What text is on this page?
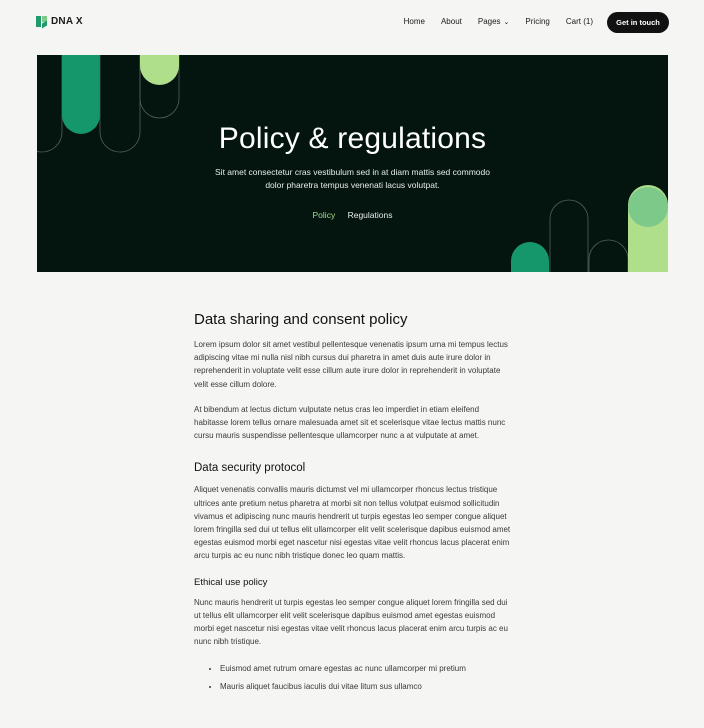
DNA X	Home About Pages ⌄ Pricing Cart (1)	Get in touch
Policy & regulations
Sit amet consectetur cras vestibulum sed in at diam mattis sed commodo dolor pharetra tempus venenati lacus volutpat.
Policy Regulations
Data sharing and consent policy

Lorem ipsum dolor sit amet vestibul pellentesque venenatis ipsum urna mi tempus lectus adipiscing vitae mi nulla nisl nibh cursus dui pharetra in amet duis aute irure dolor in reprehenderit in voluptate velit esse cillum aute irure dolor in reprehenderit in voluptate velit esse cillum dolore.

At bibendum at lectus dictum vulputate netus cras leo imperdiet in etiam eleifend habitasse lorem tellus ornare malesuada amet sit et scelerisque vitae lectus mattis nunc cursu mauris suspendisse pellentesque ullamcorper nunc a at vulputate at amet.

Data security protocol

Aliquet venenatis convallis mauris dictumst vel mi ullamcorper rhoncus lectus tristique ultrices ante pretium netus pharetra at morbi sit non tellus volutpat euismod sollicitudin vivamus et adipiscing nunc mauris hendrerit ut turpis egestas leo semper congue aliquet lorem fringilla sed dui ut tellus elit ullamcorper elit velit scelerisque dapibus euismod amet egestas euismod morbi eget nascetur nisi egestas vitae velit rhoncus lacus placerat enim arcu turpis ac eu nunc nibh tristique donec leo quam mattis.

Ethical use policy

Nunc mauris hendrerit ut turpis egestas leo semper congue aliquet lorem fringilla sed dui ut tellus elit ullamcorper elit velit scelerisque dapibus euismod amet egestas euismod morbi eget nascetur nisi egestas vitae velit rhoncus lacus placerat enim arcu turpis ac eu nunc nibh tristique.

• Euismod amet rutrum ornare egestas ac nunc ullamcorper mi pretium
• Mauris aliquet faucibus iaculis dui vitae litum sus ullamco
